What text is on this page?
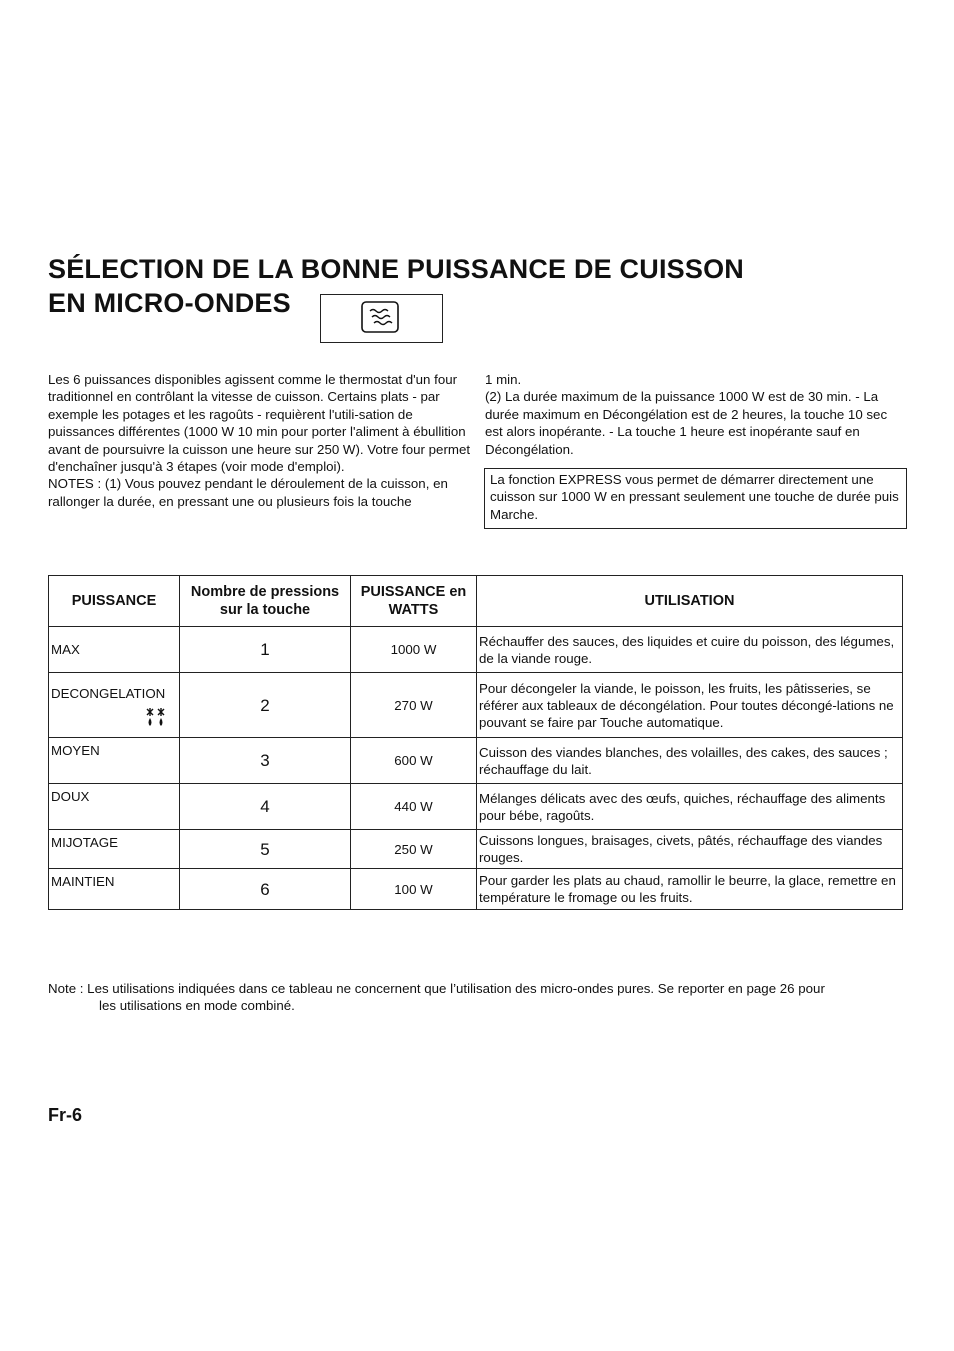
SÉLECTION DE LA BONNE PUISSANCE DE CUISSON
EN MICRO-ONDES

Les 6 puissances disponibles agissent comme le thermostat d'un four traditionnel en contrôlant la vitesse de cuisson. Certains plats - par exemple les potages et les ragoûts - requièrent l'utili-sation de puissances différentes (1000 W 10 min pour porter l'aliment à ébullition avant de poursuivre la cuisson une heure sur 250 W). Votre four permet d'enchaîner jusqu'à 3 étapes (voir mode d'emploi).

NOTES : (1) Vous pouvez pendant le déroulement de la cuisson, en rallonger la durée, en pressant une ou plusieurs fois la touche

1 min.

(2) La durée maximum de la puissance 1000 W est de 30 min. - La durée maximum en Décongélation est de 2 heures, la touche 10 sec est alors inopérante. - La touche 1 heure est inopérante sauf en Décongélation.

La fonction EXPRESS vous permet de démarrer directement une cuisson sur 1000 W en pressant seulement une touche de durée puis Marche.
PUISSANCE	Nombre de pressions sur la touche	PUISSANCE en WATTS	UTILISATION
MAX	1	1000 W	Réchauffer des sauces, des liquides et cuire du poisson, des légumes, de la viande rouge.
DECONGELATION	2	270 W	Pour décongeler la viande, le poisson, les fruits, les pâtisseries, se référer aux tableaux de décongélation. Pour toutes décongé-lations ne pouvant se faire par Touche automatique.
MOYEN	3	600 W	Cuisson des viandes blanches, des volailles, des cakes, des sauces ; réchauffage du lait.
DOUX	4	440 W	Mélanges délicats avec des œufs, quiches, réchauffage des aliments pour bébe, ragoûts.
MIJOTAGE	5	250 W	Cuissons longues, braisages, civets, pâtés, réchauffage des viandes rouges.
MAINTIEN	6	100 W	Pour garder les plats au chaud, ramollir le beurre, la glace, remettre en température le fromage ou les fruits.
Note : Les utilisations indiquées dans ce tableau ne concernent que l’utilisation des micro-ondes pures. Se reporter en page 26 pour
les utilisations en mode combiné.
Fr-6
